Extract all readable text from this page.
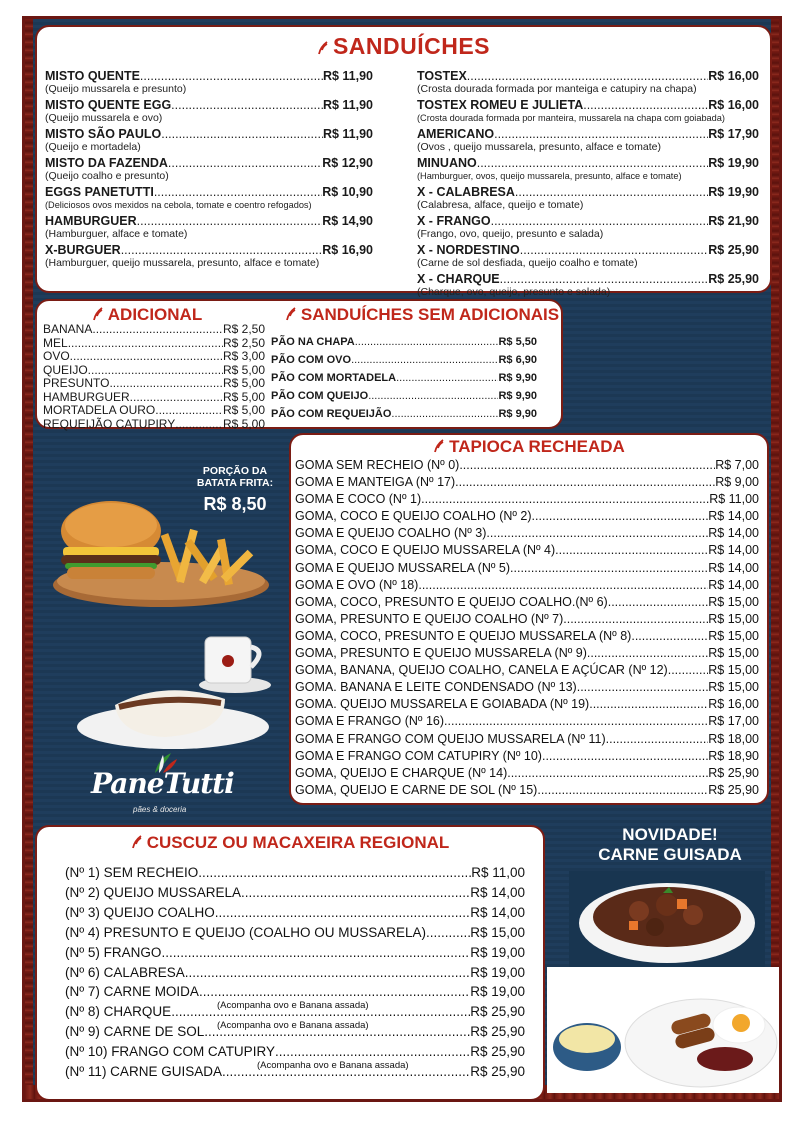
SANDUÍCHES
MISTO QUENTE .....	R$ 11,90
(Queijo mussarela e presunto)
MISTO QUENTE EGG .....	R$ 11,90
(Queijo mussarela e ovo)
MISTO SÃO PAULO .....	R$ 11,90
(Queijo e mortadela)
MISTO DA FAZENDA .....	R$ 12,90
(Queijo coalho e presunto)
EGGS PANETUTTI .....	R$ 10,90
(Deliciosos ovos mexidos na cebola, tomate e coentro refogados)
HAMBURGUER .....	R$ 14,90
(Hamburguer, alface e tomate)
X-BURGUER .....	R$ 16,90
(Hamburguer, queijo mussarela, presunto, alface e tomate)
TOSTEX .....	R$ 16,00
(Crosta dourada formada por manteiga e catupiry na chapa)
TOSTEX ROMEU E JULIETA .....	R$ 16,00
(Crosta dourada formada por manteira, mussarela na chapa com goiabada)
AMERICANO .....	R$ 17,90
(Ovos , queijo mussarela, presunto, alface e tomate)
MINUANO .....	R$ 19,90
(Hamburguer, ovos, queijo mussarela, presunto, alface e tomate)
X - CALABRESA .....	R$ 19,90
(Calabresa, alface, queijo e tomate)
X - FRANGO .....	R$ 21,90
(Frango, ovo, queijo, presunto e salada)
X - NORDESTINO .....	R$ 25,90
(Carne de sol desfiada, queijo coalho e tomate)
X - CHARQUE .....	R$ 25,90
(Charque, ovo, queijo, presunto e salada)
ADICIONAL	SANDUÍCHES SEM ADICIONAIS
BANANA .....	R$ 2,50
MEL .....	R$ 2,50
OVO .....	R$ 3,00
QUEIJO .....	R$ 5,00
PRESUNTO .....	R$ 5,00
HAMBURGUER .....	R$ 5,00
MORTADELA OURO .....	R$ 5,00
REQUEIJÃO CATUPIRY .....	R$ 5,00
PÃO NA CHAPA .....	R$ 5,50
PÃO COM OVO .....	R$ 6,90
PÃO COM MORTADELA .....	R$ 9,90
PÃO COM QUEIJO .....	R$ 9,90
PÃO COM REQUEIJÃO .....	R$ 9,90
PORÇÃO DA
BATATA FRITA:
R$ 8,50
PaneTutti
pães & doceria
TAPIOCA RECHEADA
GOMA SEM RECHEIO (Nº 0) .....	R$ 7,00
GOMA E MANTEIGA (Nº 17) .....	R$ 9,00
GOMA E COCO (Nº 1) .....	R$ 11,00
GOMA, COCO E QUEIJO COALHO (Nº 2) .....	R$ 14,00
GOMA E QUEIJO COALHO (Nº 3) .....	R$ 14,00
GOMA, COCO E QUEIJO MUSSARELA (Nº 4) .....	R$ 14,00
GOMA E QUEIJO MUSSARELA (Nº 5) .....	R$ 14,00
GOMA E OVO (Nº 18) .....	R$ 14,00
GOMA, COCO, PRESUNTO E QUEIJO COALHO.(Nº 6) .....	R$ 15,00
GOMA, PRESUNTO E QUEIJO COALHO (Nº 7) .....	R$ 15,00
GOMA, COCO, PRESUNTO E QUEIJO MUSSARELA (Nº 8) .....	R$ 15,00
GOMA, PRESUNTO E QUEIJO MUSSARELA (Nº 9) .....	R$ 15,00
GOMA, BANANA, QUEIJO COALHO, CANELA E AÇÚCAR (Nº 12) .....	R$ 15,00
GOMA. BANANA E LEITE CONDENSADO (Nº 13) .....	R$ 15,00
GOMA. QUEIJO MUSSARELA E GOIABADA (Nº 19) .....	R$ 16,00
GOMA E FRANGO (Nº 16) .....	R$ 17,00
GOMA E FRANGO COM QUEIJO MUSSARELA (Nº 11) .....	R$ 18,00
GOMA E FRANGO COM CATUPIRY (Nº 10) .....	R$ 18,90
GOMA, QUEIJO E CHARQUE (Nº 14) .....	R$ 25,90
GOMA, QUEIJO E CARNE DE SOL (Nº 15) .....	R$ 25,90
CUSCUZ OU MACAXEIRA REGIONAL
(Nº 1) SEM RECHEIO .....	R$ 11,00
(Nº 2) QUEIJO MUSSARELA .....	R$ 14,00
(Nº 3) QUEIJO COALHO .....	R$ 14,00
(Nº 4) PRESUNTO E QUEIJO (COALHO OU MUSSARELA) .....	R$ 15,00
(Nº 5) FRANGO .....	R$ 19,00
(Nº 6) CALABRESA .....	R$ 19,00
(Nº 7) CARNE MOIDA .....	R$ 19,00
(Nº 8) CHARQUE .....	R$ 25,90
(Acompanha ovo e Banana assada)
(Nº 9) CARNE DE SOL .....	R$ 25,90
(Acompanha ovo e Banana assada)
(Nº 10) FRANGO COM CATUPIRY .....	R$ 25,90
(Nº 11) CARNE GUISADA .....	R$ 25,90
(Acompanha ovo e Banana assada)
NOVIDADE!
CARNE GUISADA
